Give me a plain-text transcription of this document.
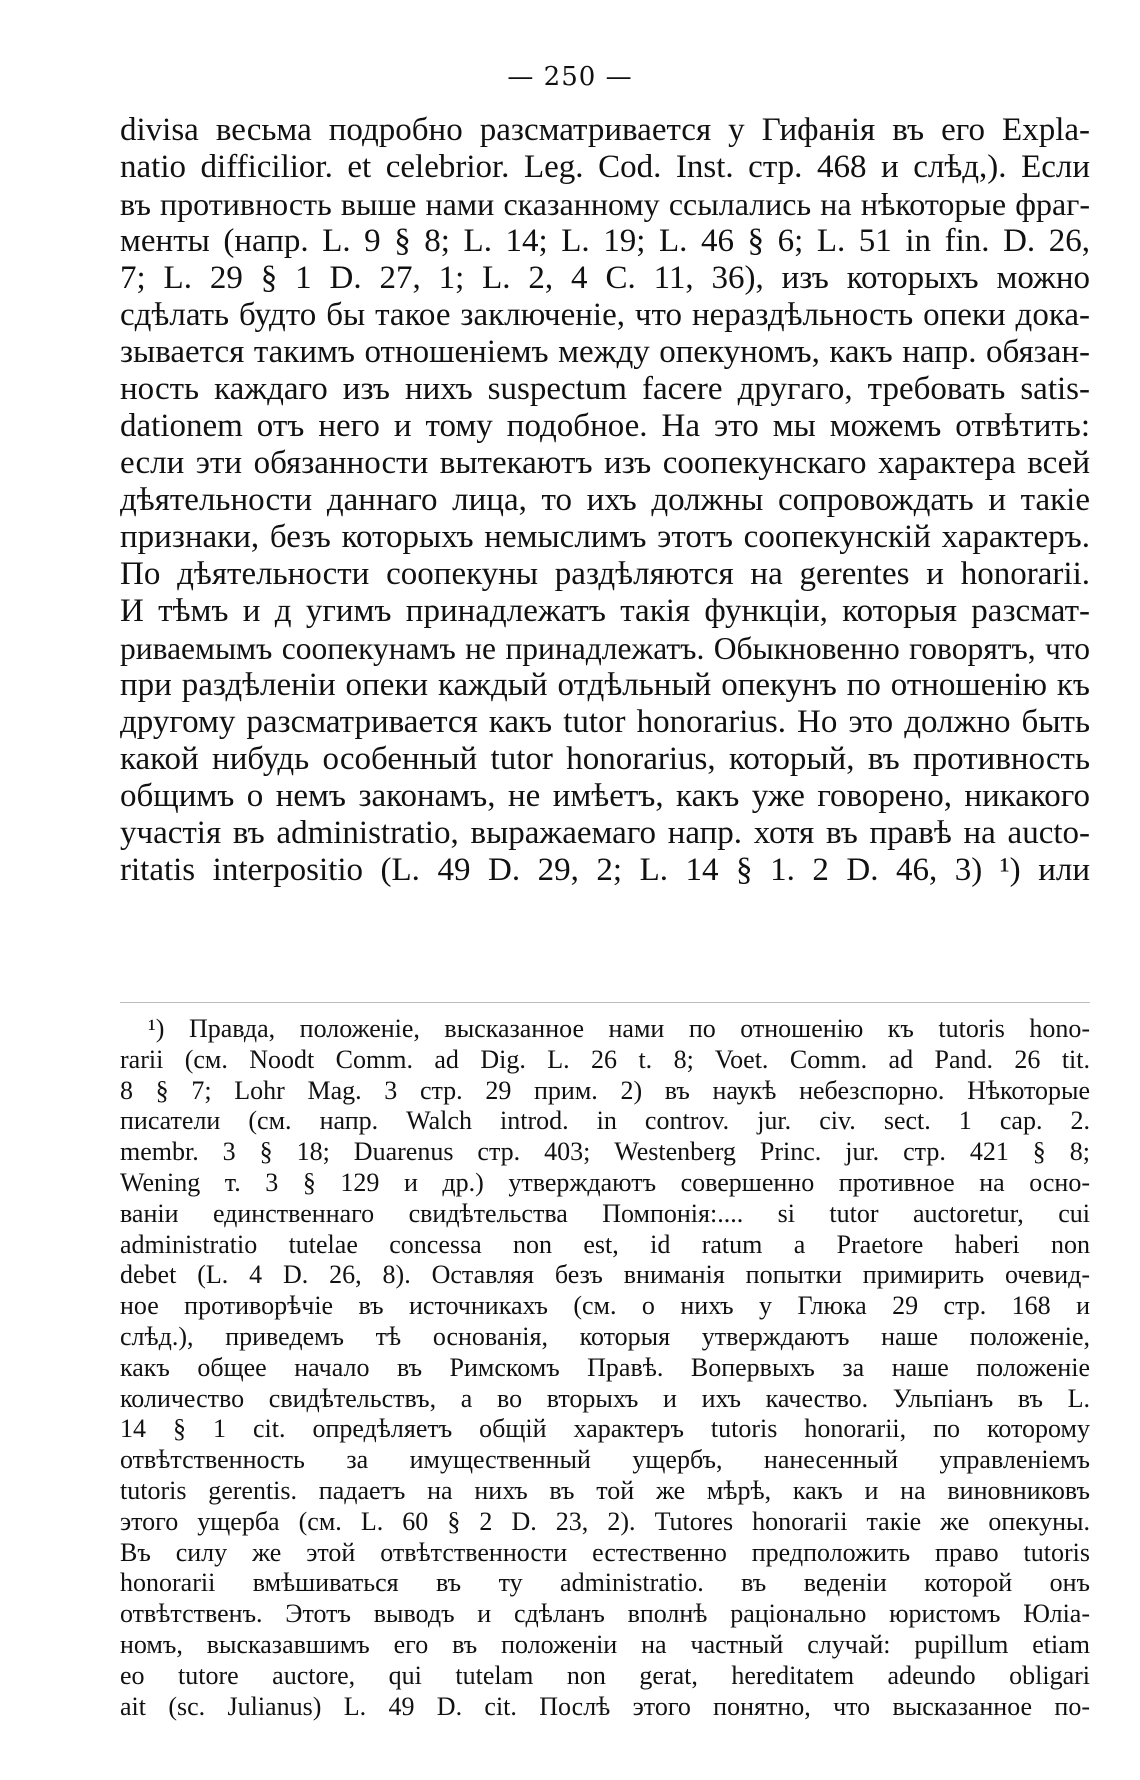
— 250 —
divisa весьма подробно разсматривается у Гифанія въ его Expla-
natio difficilior. et celebrior. Leg. Cod. Inst. стр. 468 и слѣд,). Если
въ противность выше нами сказанному ссылались на нѣкоторые фраг-
менты (напр. L. 9 § 8; L. 14; L. 19; L. 46 § 6; L. 51 in fin. D. 26,
7; L. 29 § 1 D. 27, 1; L. 2, 4 C. 11, 36), изъ которыхъ можно
сдѣлать будто бы такое заключеніе, что нераздѣльность опеки дока-
зывается такимъ отношеніемъ между опекуномъ, какъ напр. обязан-
ность каждаго изъ нихъ suspectum facere другаго, требовать satis-
dationem отъ него и тому подобное. На это мы можемъ отвѣтить:
если эти обязанности вытекаютъ изъ соопекунскаго характера всей
дѣятельности даннаго лица, то ихъ должны сопровождать и такіе
признаки, безъ которыхъ немыслимъ этотъ соопекунскій характеръ.
По дѣятельности соопекуны раздѣляются на gerentes и honorarii.
И тѣмъ и д угимъ принадлежатъ такія функціи, которыя разсмат-
риваемымъ соопекунамъ не принадлежатъ. Обыкновенно говорятъ, что
при раздѣленіи опеки каждый отдѣльный опекунъ по отношенію къ
другому разсматривается какъ tutor honorarius. Но это должно быть
какой нибудь особенный tutor honorarius, который, въ противность
общимъ о немъ законамъ, не имѣетъ, какъ уже говорено, никакого
участія въ administratio, выражаемаго напр. хотя въ правѣ на aucto-
ritatis interpositio (L. 49 D. 29, 2; L. 14 § 1. 2 D. 46, 3) ¹) или
¹) Правда, положеніе, высказанное нами по отношенію къ tutoris hono-
rarii (см. Noodt Comm. ad Dig. L. 26 t. 8; Voet. Comm. ad Pand. 26 tit.
8 § 7; Lohr Mag. 3 стр. 29 прим. 2) въ наукѣ небезспорно. Нѣкоторые
писатели (см. напр. Walch introd. in controv. jur. civ. sect. 1 cap. 2.
membr. 3 § 18; Duarenus стр. 403; Westenberg Princ. jur. стр. 421 § 8;
Wening т. 3 § 129 и др.) утверждаютъ совершенно противное на осно-
ваніи единственнаго свидѣтельства Помпонія:.... si tutor auctoretur, cui
administratio tutelae concessa non est, id ratum a Praetore haberi non
debet (L. 4 D. 26, 8). Оставляя безъ вниманія попытки примирить очевид-
ное противорѣчіе въ источникахъ (см. о нихъ у Глюка 29 стр. 168 и
слѣд.), приведемъ тѣ основанія, которыя утверждаютъ наше положеніе,
какъ общее начало въ Римскомъ Правѣ. Вопервыхъ за наше положеніе
количество свидѣтельствъ, а во вторыхъ и ихъ качество. Ульпіанъ въ L.
14 § 1 cit. опредѣляетъ общій характеръ tutoris honorarii, по которому
отвѣтственность за имущественный ущербъ, нанесенный управленіемъ
tutoris gerentis. падаетъ на нихъ въ той же мѣрѣ, какъ и на виновниковъ
этого ущерба (см. L. 60 § 2 D. 23, 2). Tutores honorarii такіе же опекуны.
Въ силу же этой отвѣтственности естественно предположить право tutoris
honorarii вмѣшиваться въ ту administratio. въ веденіи которой онъ
отвѣтственъ. Этотъ выводъ и сдѣланъ вполнѣ раціонально юристомъ Юліа-
номъ, высказавшимъ его въ положеніи на частный случай: pupillum etiam
eo tutore auctore, qui tutelam non gerat, hereditatem adeundo obligari
ait (sc. Julianus) L. 49 D. cit. Послѣ этого понятно, что высказанное по-
